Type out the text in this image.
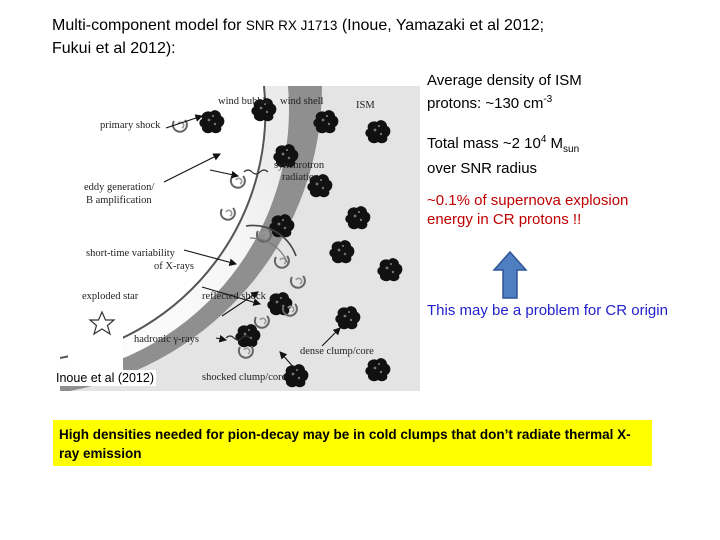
Multi-component model for SNR RX J1713 (Inoue, Yamazaki et al 2012;
Fukui et al 2012):
wind bubble wind shell	ISM
primary shock
synchrotron
radiation
eddy generation/
B amplification
short-time variability
of X-rays
exploded star	reflected shock
hadronic γ-rays
dense clump/core
shocked clump/core
Inoue et al (2012)
Average density of ISM
protons: ~130 $cm^{-3}$
Total mass ~2 $10^4$ $M_{sun}$
over SNR radius
~0.1% of supernova explosion energy in CR protons !!
This may be a problem for CR origin
High densities needed for pion-decay may be in cold clumps that don’t radiate thermal X-ray emission
